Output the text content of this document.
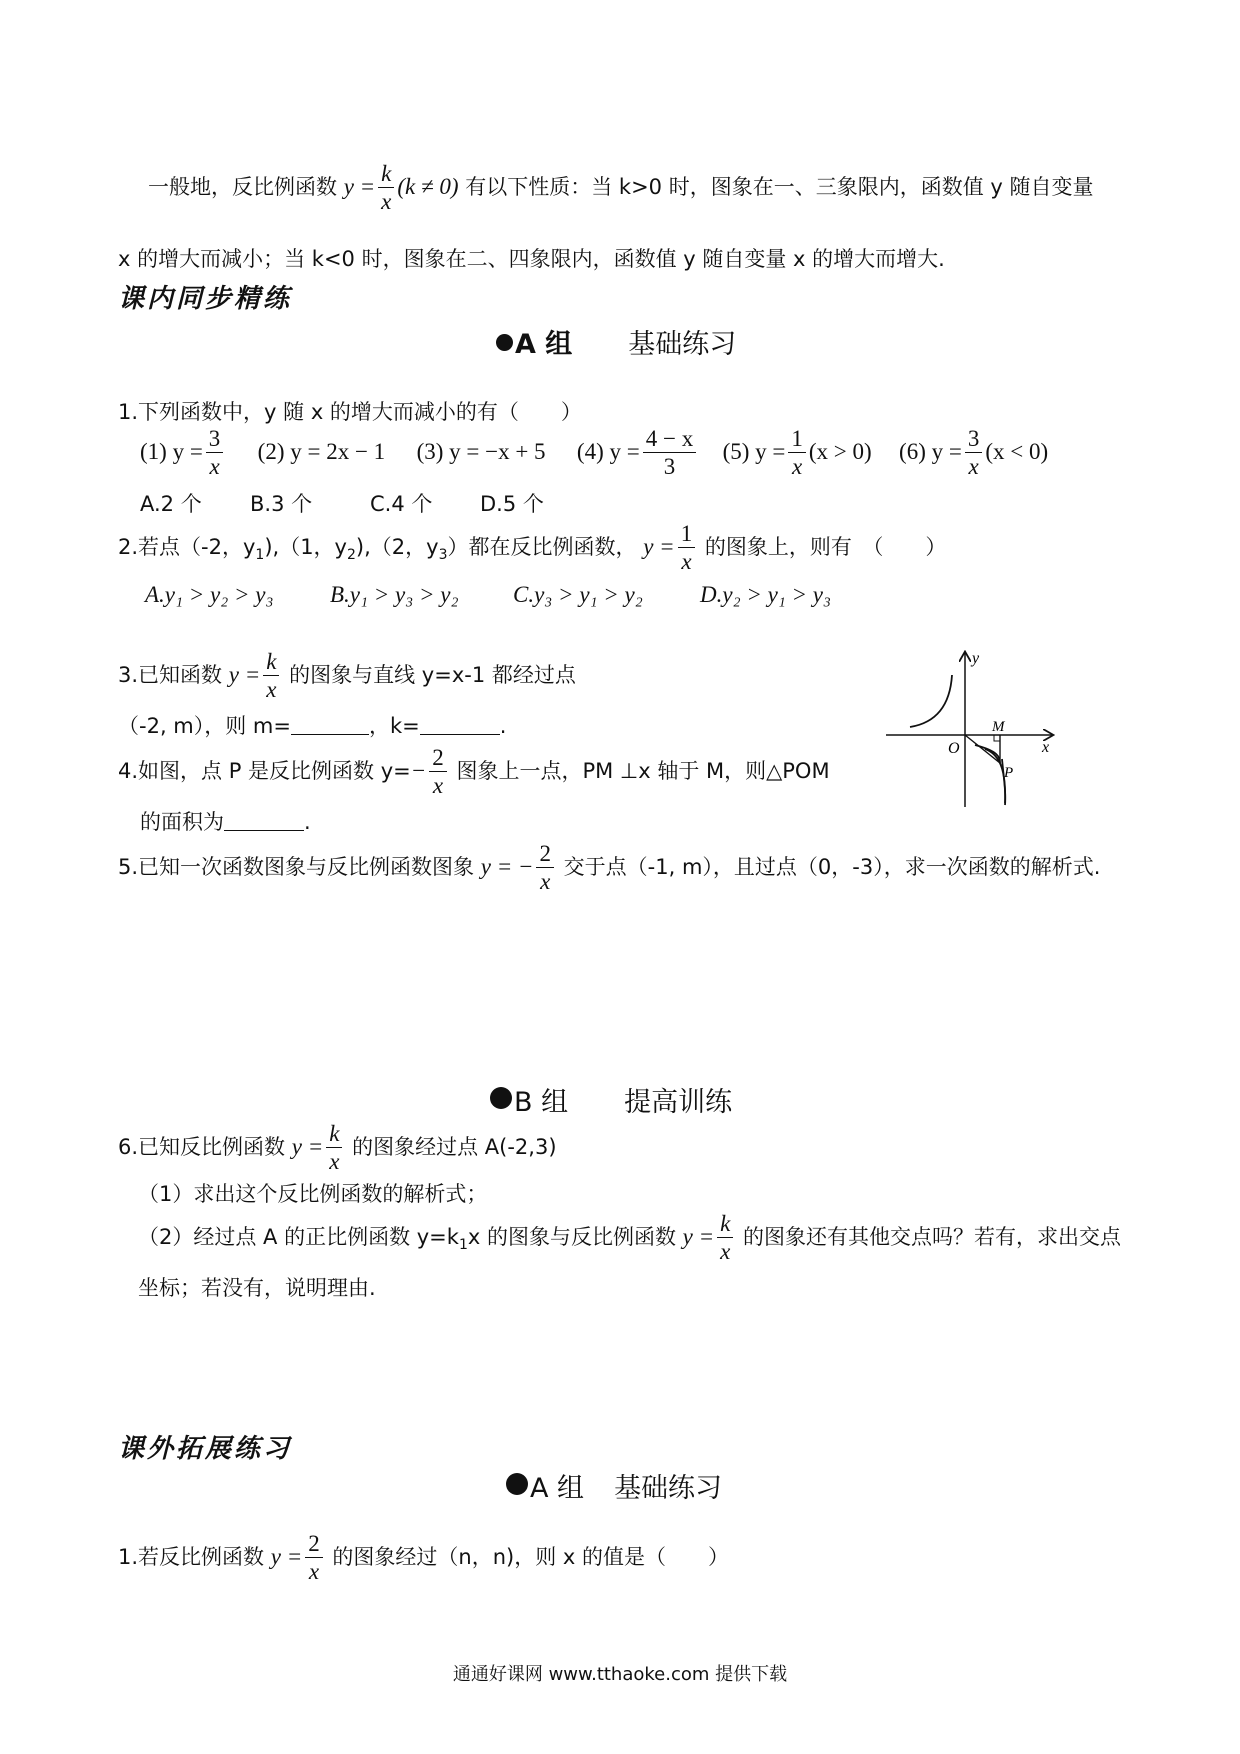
一般地，反比例函数 $y = \frac{k}{x} (k \ne 0)$ 有以下性质：当 k>0 时，图象在一、三象限内，函数值 y 随自变量
x 的增大而减小；当 k<0 时，图象在二、四象限内，函数值 y 随自变量 x 的增大而增大.
课内同步精练
A 组 基础练习
1.下列函数中，y 随 x 的增大而减小的有（　　）
(1) $y = \frac{3}{x} (2) y = 2x - 1$ (3) y = −x + 5 (4) $y = \frac{4 - x}{3} (5) y = \frac{1}{x} (x > 0)$ (6) $y = \frac{3}{x} (x < 0)$
A.2 个 B.3 个	C.4 个 D.5 个
2.若点（-2，$y_1),(1$，$y_2),(2$，$y_3$）都在反比例函数， $y = \frac{1}{x}$ 的图象上，则有　（　　）
A.y₁ > y₂ > y₃ B.y₁ > y₃ > y₂ C.y₃ > y₁ > y₂ D.y₂ > y₁ > y₃
3.已知函数 $y = \frac{k}{x}$ 的图象与直线 y=x-1 都经过点
（-2, m），则 m=	，k=	.
4.如图，点 P 是反比例函数 $y=- \frac{2}{x}$ 图象上一点，PM ⊥x 轴于 M，则△POM
的面积为	.
y
x
O
M
P
5.已知一次函数图象与反比例函数图象 y = − $\frac{2}{x}$ 交于点（-1, m），且过点（0，-3），求一次函数的解析式.
B 组 提高训练
6.已知反比例函数 $y = \frac{k}{x}$ 的图象经过点 A(-2,3)
（1）求出这个反比例函数的解析式；
（2）经过点 A 的正比例函数 $y=k_1x$ 的图象与反比例函数 $y = \frac{k}{x}$ 的图象还有其他交点吗？若有，求出交点
坐标；若没有，说明理由.
课外拓展练习
A 组 基础练习
1.若反比例函数 $y = \frac{2}{x}$ 的图象经过（n，n)，则 x 的值是（　　）
通通好课网 www.tthaoke.com 提供下载
